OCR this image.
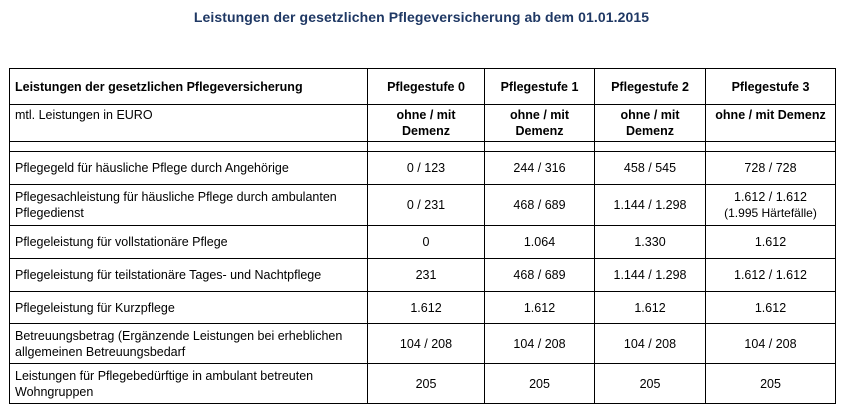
Leistungen der gesetzlichen Pflegeversicherung ab dem 01.01.2015
Leistungen der gesetzlichen Pflegeversicherung	Pflegestufe 0	Pflegestufe 1	Pflegestufe 2	Pflegestufe 3
mtl. Leistungen in EURO	ohne / mit Demenz	ohne / mit Demenz	ohne / mit Demenz	ohne / mit Demenz

Pflegegeld für häusliche Pflege durch Angehörige	0 / 123	244 / 316	458 / 545	728 / 728
Pflegesachleistung für häusliche Pflege durch ambulanten Pflegedienst	0 / 231	468 / 689	1.144 / 1.298	1.612 / 1.612
(1.995 Härtefälle)

Pflegeleistung für vollstationäre Pflege	0	1.064	1.330	1.612
Pflegeleistung für teilstationäre Tages- und Nachtpflege	231	468 / 689	1.144 / 1.298	1.612 / 1.612
Pflegeleistung für Kurzpflege	1.612	1.612	1.612	1.612
Betreuungsbetrag (Ergänzende Leistungen bei erheblichen allgemeinen Betreuungsbedarf	104 / 208	104 / 208	104 / 208	104 / 208
Leistungen für Pflegebedürftige in ambulant betreuten Wohngruppen	205	205	205	205
